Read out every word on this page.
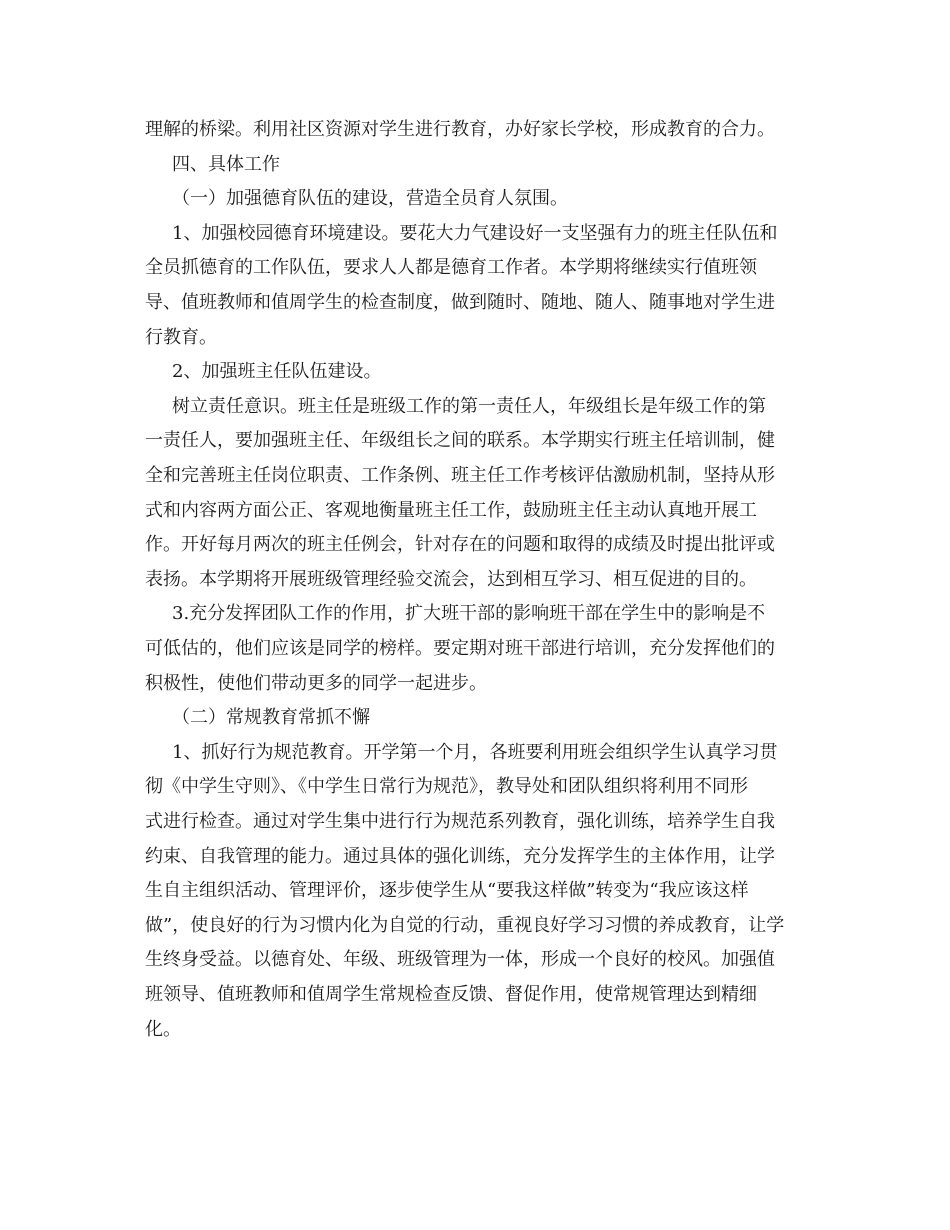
理解的桥梁。利用社区资源对学生进行教育，办好家长学校，形成教育的合力。
四、具体工作
（一）加强德育队伍的建设，营造全员育人氛围。
1、加强校园德育环境建设。要花大力气建设好一支坚强有力的班主任队伍和
全员抓德育的工作队伍，要求人人都是德育工作者。本学期将继续实行值班领
导、值班教师和值周学生的检查制度，做到随时、随地、随人、随事地对学生进
行教育。
2、加强班主任队伍建设。
树立责任意识。班主任是班级工作的第一责任人，年级组长是年级工作的第
一责任人，要加强班主任、年级组长之间的联系。本学期实行班主任培训制，健
全和完善班主任岗位职责、工作条例、班主任工作考核评估激励机制，坚持从形
式和内容两方面公正、客观地衡量班主任工作，鼓励班主任主动认真地开展工
作。开好每月两次的班主任例会，针对存在的问题和取得的成绩及时提出批评或
表扬。本学期将开展班级管理经验交流会，达到相互学习、相互促进的目的。
3.充分发挥团队工作的作用，扩大班干部的影响班干部在学生中的影响是不
可低估的，他们应该是同学的榜样。要定期对班干部进行培训，充分发挥他们的
积极性，使他们带动更多的同学一起进步。
（二）常规教育常抓不懈
1、抓好行为规范教育。开学第一个月，各班要利用班会组织学生认真学习贯
彻《中学生守则》、《中学生日常行为规范》，教导处和团队组织将利用不同形
式进行检查。通过对学生集中进行行为规范系列教育，强化训练，培养学生自我
约束、自我管理的能力。通过具体的强化训练，充分发挥学生的主体作用，让学
生自主组织活动、管理评价，逐步使学生从“要我这样做”转变为“我应该这样
做”，使良好的行为习惯内化为自觉的行动，重视良好学习习惯的养成教育，让学
生终身受益。以德育处、年级、班级管理为一体，形成一个良好的校风。加强值
班领导、值班教师和值周学生常规检查反馈、督促作用，使常规管理达到精细
化。
